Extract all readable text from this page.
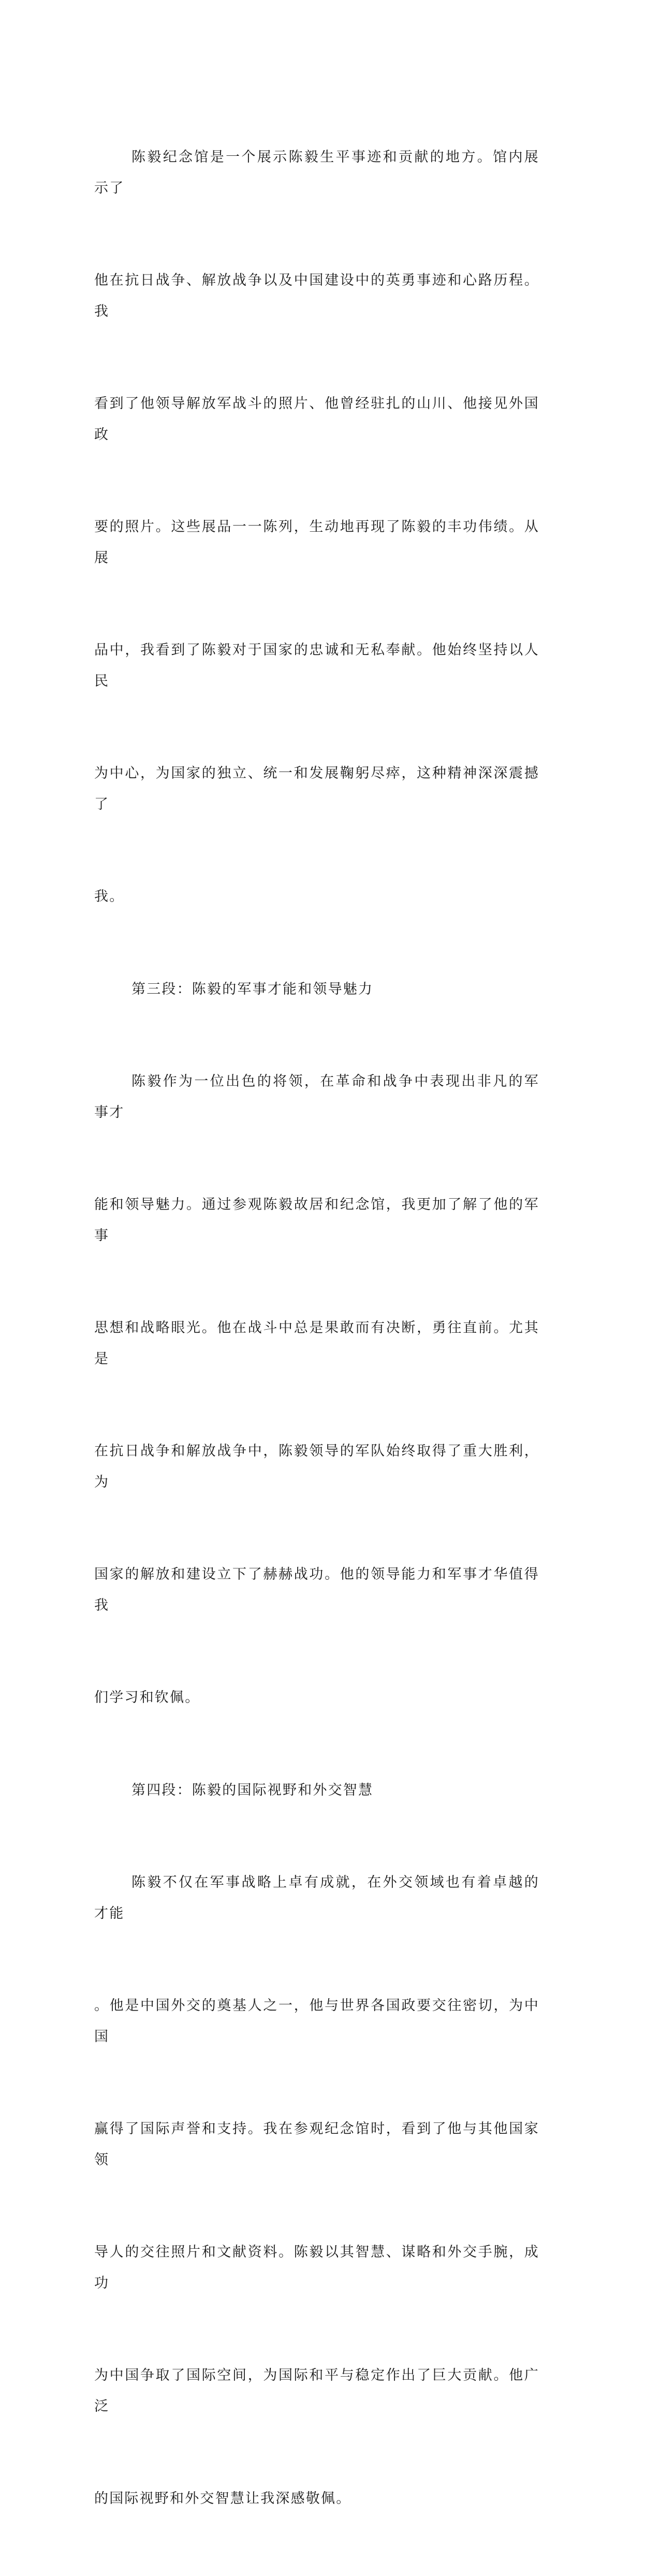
陈毅纪念馆是一个展示陈毅生平事迹和贡献的地方。馆内展示了

他在抗日战争、解放战争以及中国建设中的英勇事迹和心路历程。我

看到了他领导解放军战斗的照片、他曾经驻扎的山川、他接见外国政

要的照片。这些展品一一陈列，生动地再现了陈毅的丰功伟绩。从展

品中，我看到了陈毅对于国家的忠诚和无私奉献。他始终坚持以人民

为中心，为国家的独立、统一和发展鞠躬尽瘁，这种精神深深震撼了

我。

第三段：陈毅的军事才能和领导魅力

陈毅作为一位出色的将领，在革命和战争中表现出非凡的军事才

能和领导魅力。通过参观陈毅故居和纪念馆，我更加了解了他的军事

思想和战略眼光。他在战斗中总是果敢而有决断，勇往直前。尤其是

在抗日战争和解放战争中，陈毅领导的军队始终取得了重大胜利，为

国家的解放和建设立下了赫赫战功。他的领导能力和军事才华值得我

们学习和钦佩。

第四段：陈毅的国际视野和外交智慧

陈毅不仅在军事战略上卓有成就，在外交领域也有着卓越的才能

。他是中国外交的奠基人之一，他与世界各国政要交往密切，为中国

赢得了国际声誉和支持。我在参观纪念馆时，看到了他与其他国家领

导人的交往照片和文献资料。陈毅以其智慧、谋略和外交手腕，成功

为中国争取了国际空间，为国际和平与稳定作出了巨大贡献。他广泛

的国际视野和外交智慧让我深感敬佩。
